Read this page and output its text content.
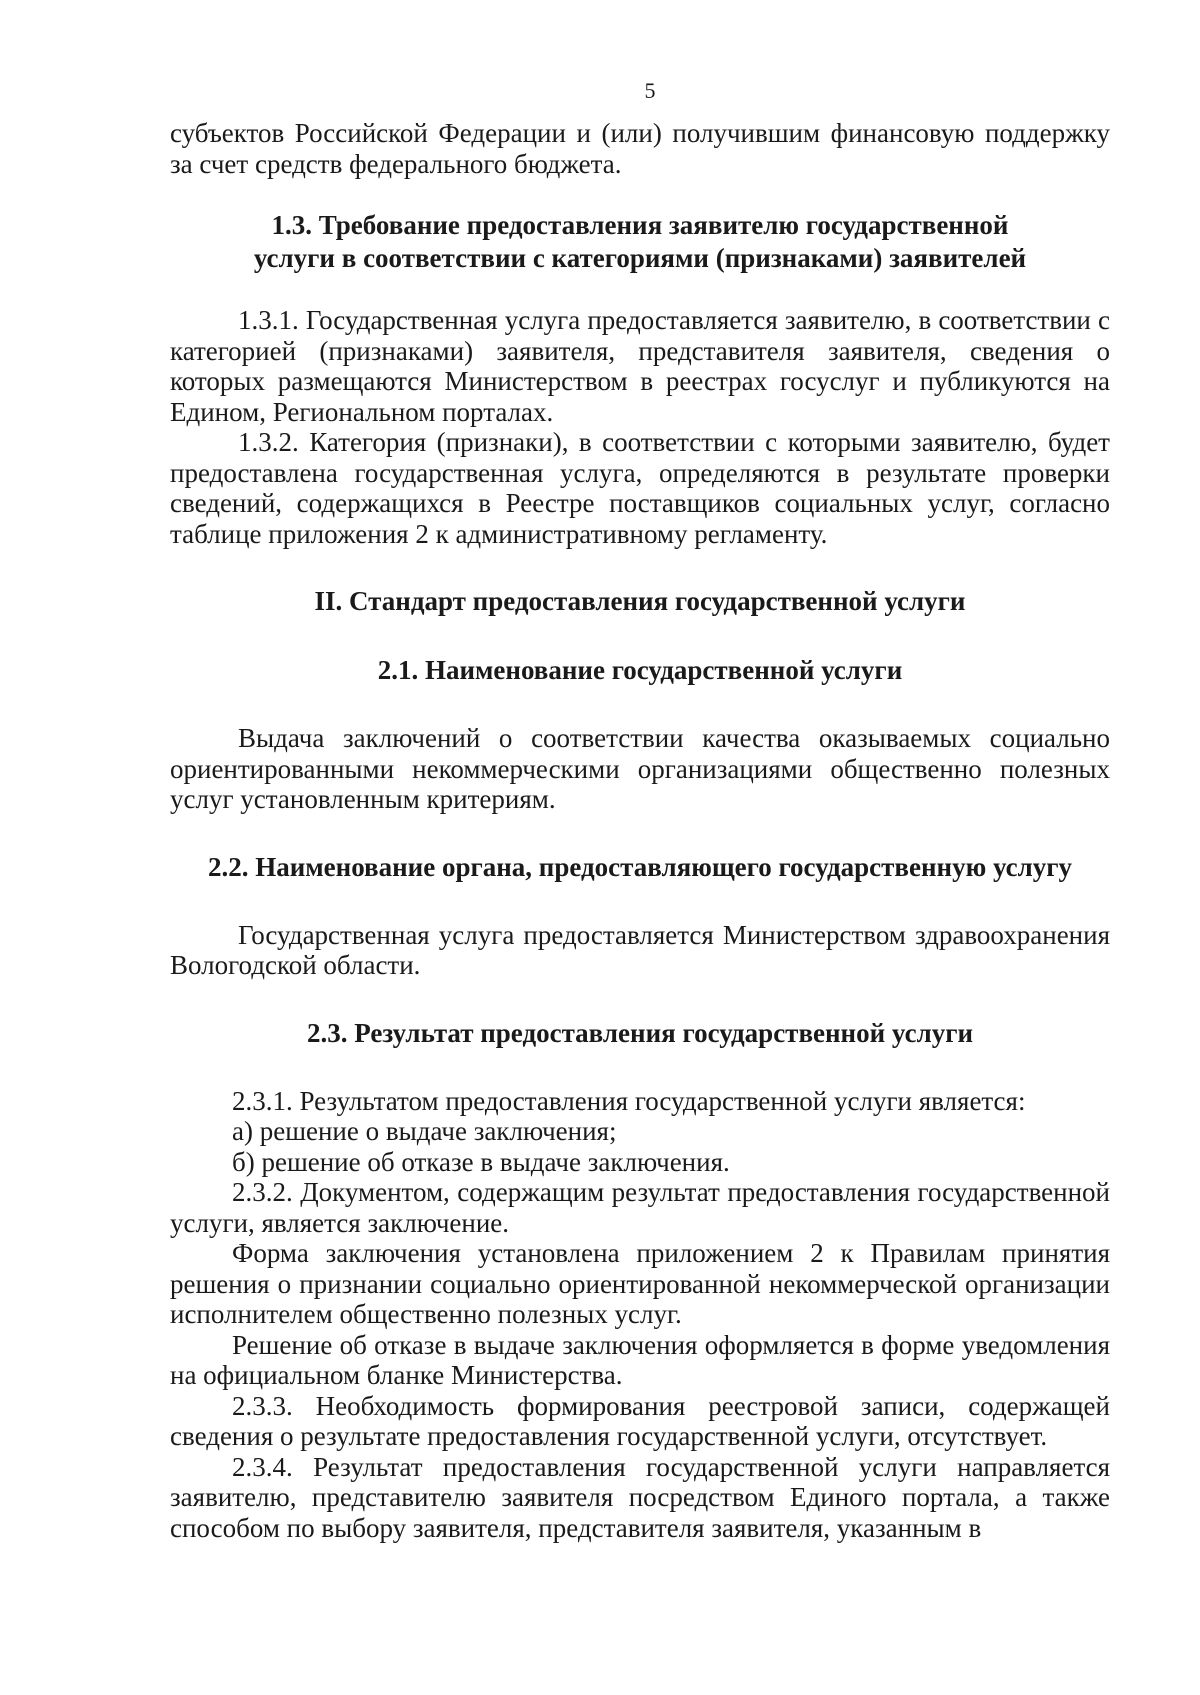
5

субъектов Российской Федерации и (или) получившим финансовую поддержку за счет средств федерального бюджета.

1.3. Требование предоставления заявителю государственной
услуги в соответствии с категориями (признаками) заявителей

1.3.1. Государственная услуга предоставляется заявителю, в соответствии с категорией (признаками) заявителя, представителя заявителя, сведения о которых размещаются Министерством в реестрах госуслуг и публикуются на Едином, Региональном порталах.

1.3.2. Категория (признаки), в соответствии с которыми заявителю, будет предоставлена государственная услуга, определяются в результате проверки сведений, содержащихся в Реестре поставщиков социальных услуг, согласно таблице приложения 2 к административному регламенту.

II. Стандарт предоставления государственной услуги
2.1. Наименование государственной услуги

Выдача заключений о соответствии качества оказываемых социально ориентированными некоммерческими организациями общественно полезных услуг установленным критериям.

2.2. Наименование органа, предоставляющего государственную услугу

Государственная услуга предоставляется Министерством здравоохранения Вологодской области.

2.3. Результат предоставления государственной услуги

2.3.1. Результатом предоставления государственной услуги является:

а) решение о выдаче заключения;

б) решение об отказе в выдаче заключения.

2.3.2. Документом, содержащим результат предоставления государственной услуги, является заключение.

Форма заключения установлена приложением 2 к Правилам принятия решения о признании социально ориентированной некоммерческой организации исполнителем общественно полезных услуг.

Решение об отказе в выдаче заключения оформляется в форме уведомления на официальном бланке Министерства.

2.3.3. Необходимость формирования реестровой записи, содержащей сведения о результате предоставления государственной услуги, отсутствует.

2.3.4. Результат предоставления государственной услуги направляется заявителю, представителю заявителя посредством Единого портала, а также способом по выбору заявителя, представителя заявителя, указанным в
